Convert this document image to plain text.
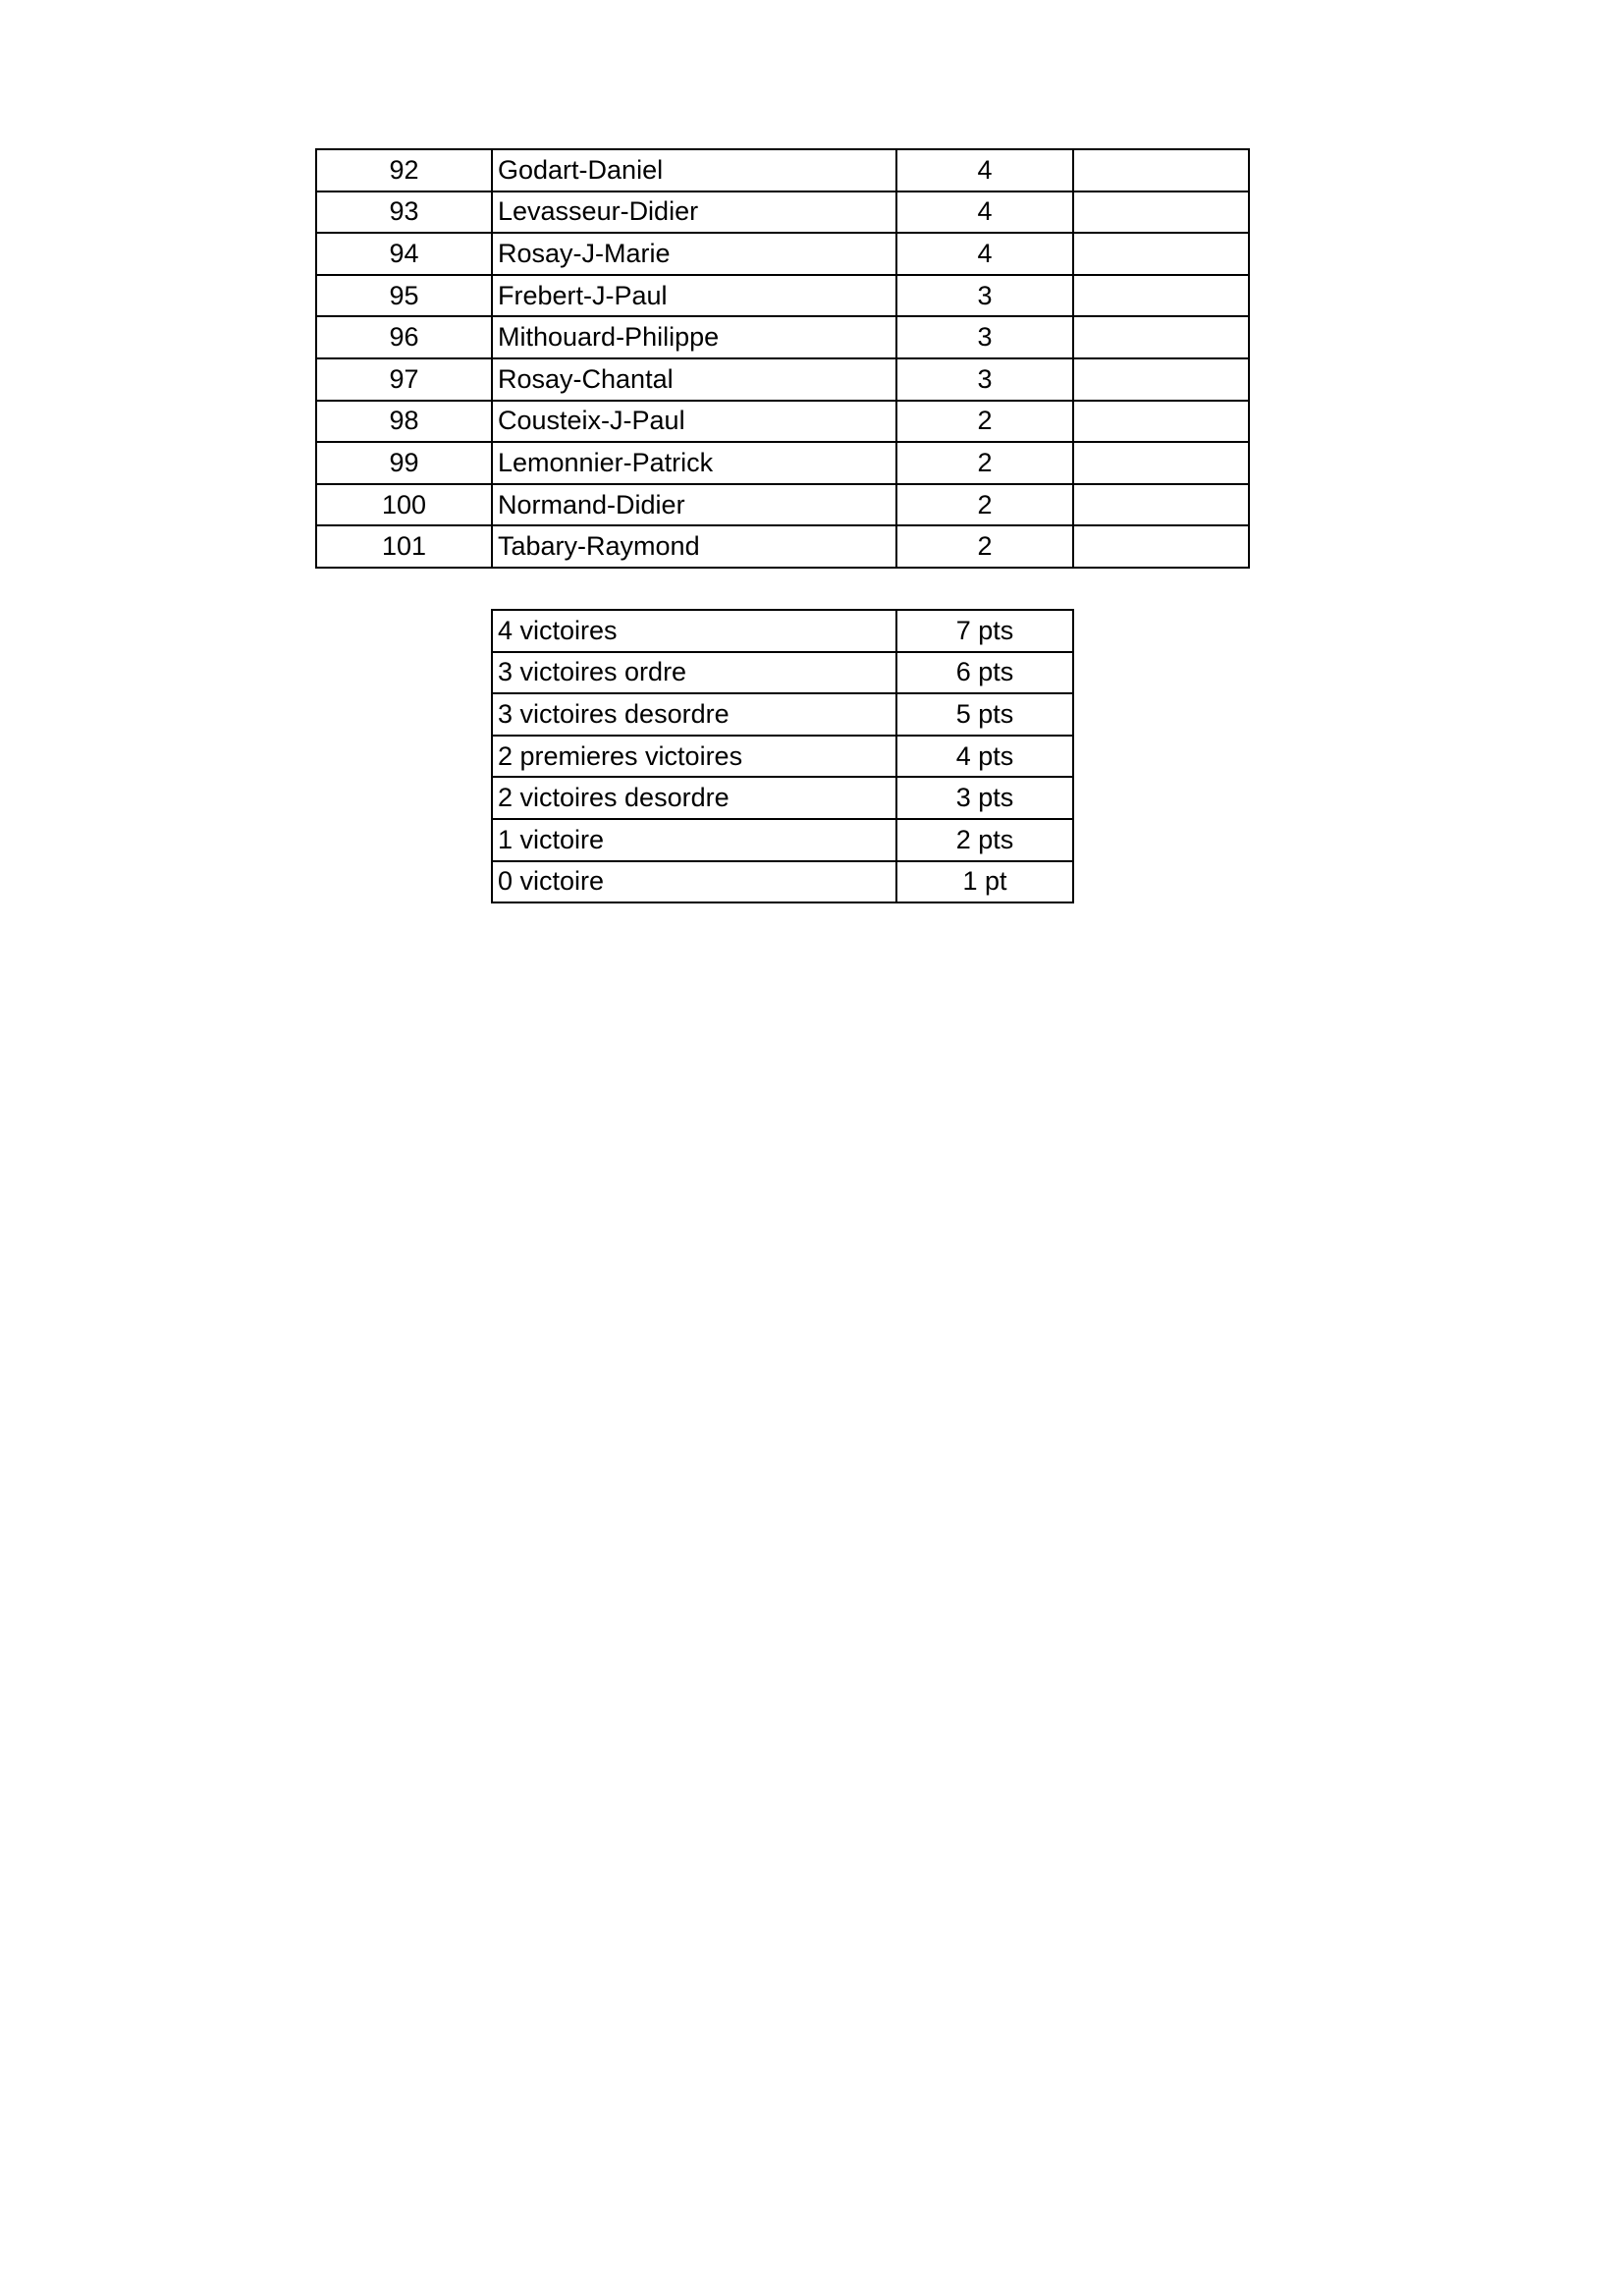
92	Godart-Daniel	4	
93	Levasseur-Didier	4	
94	Rosay-J-Marie	4	
95	Frebert-J-Paul	3	
96	Mithouard-Philippe	3	
97	Rosay-Chantal	3	
98	Cousteix-J-Paul	2	
99	Lemonnier-Patrick	2	
100	Normand-Didier	2	
101	Tabary-Raymond	2	
4 victoires	7 pts
3 victoires ordre	6 pts
3 victoires desordre	5 pts
2 premieres victoires	4 pts
2 victoires desordre	3 pts
1 victoire	2 pts
0 victoire	1 pt
